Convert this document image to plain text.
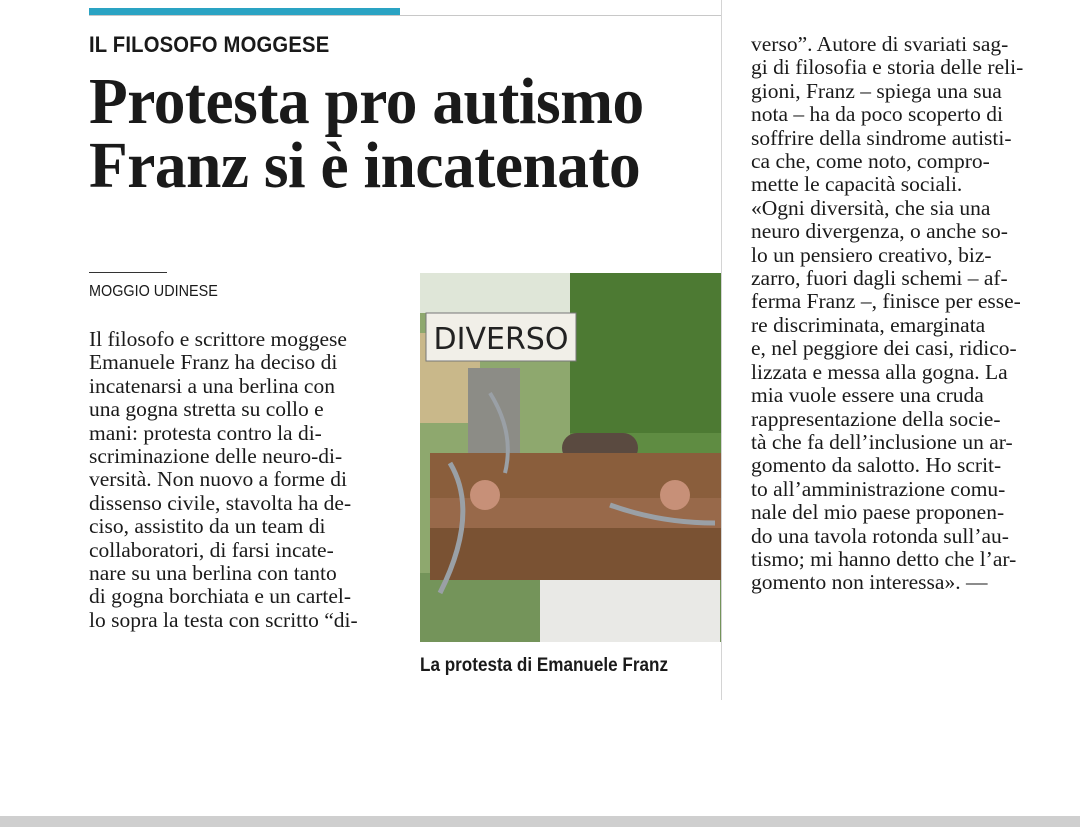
IL FILOSOFO MOGGESE
Protesta pro autismo
Franz si è incatenato
MOGGIO UDINESE
Il filosofo e scrittore moggese
Emanuele Franz ha deciso di
incatenarsi a una berlina con
una gogna stretta su collo e
mani: protesta contro la di-
scriminazione delle neuro-di-
versità. Non nuovo a forme di
dissenso civile, stavolta ha de-
ciso, assistito da un team di
collaboratori, di farsi incate-
nare su una berlina con tanto
di gogna borchiata e un cartel-
lo sopra la testa con scritto “di-
DIVERSO
La protesta di Emanuele Franz
verso”. Autore di svariati sag-
gi di filosofia e storia delle reli-
gioni, Franz – spiega una sua
nota – ha da poco scoperto di
soffrire della sindrome autisti-
ca che, come noto, compro-
mette le capacità sociali.
«Ogni diversità, che sia una
neuro divergenza, o anche so-
lo un pensiero creativo, biz-
zarro, fuori dagli schemi – af-
ferma Franz –, finisce per esse-
re discriminata, emarginata
e, nel peggiore dei casi, ridico-
lizzata e messa alla gogna. La
mia vuole essere una cruda
rappresentazione della socie-
tà che fa dell’inclusione un ar-
gomento da salotto. Ho scrit-
to all’amministrazione comu-
nale del mio paese proponen-
do una tavola rotonda sull’au-
tismo; mi hanno detto che l’ar-
gomento non interessa». —
